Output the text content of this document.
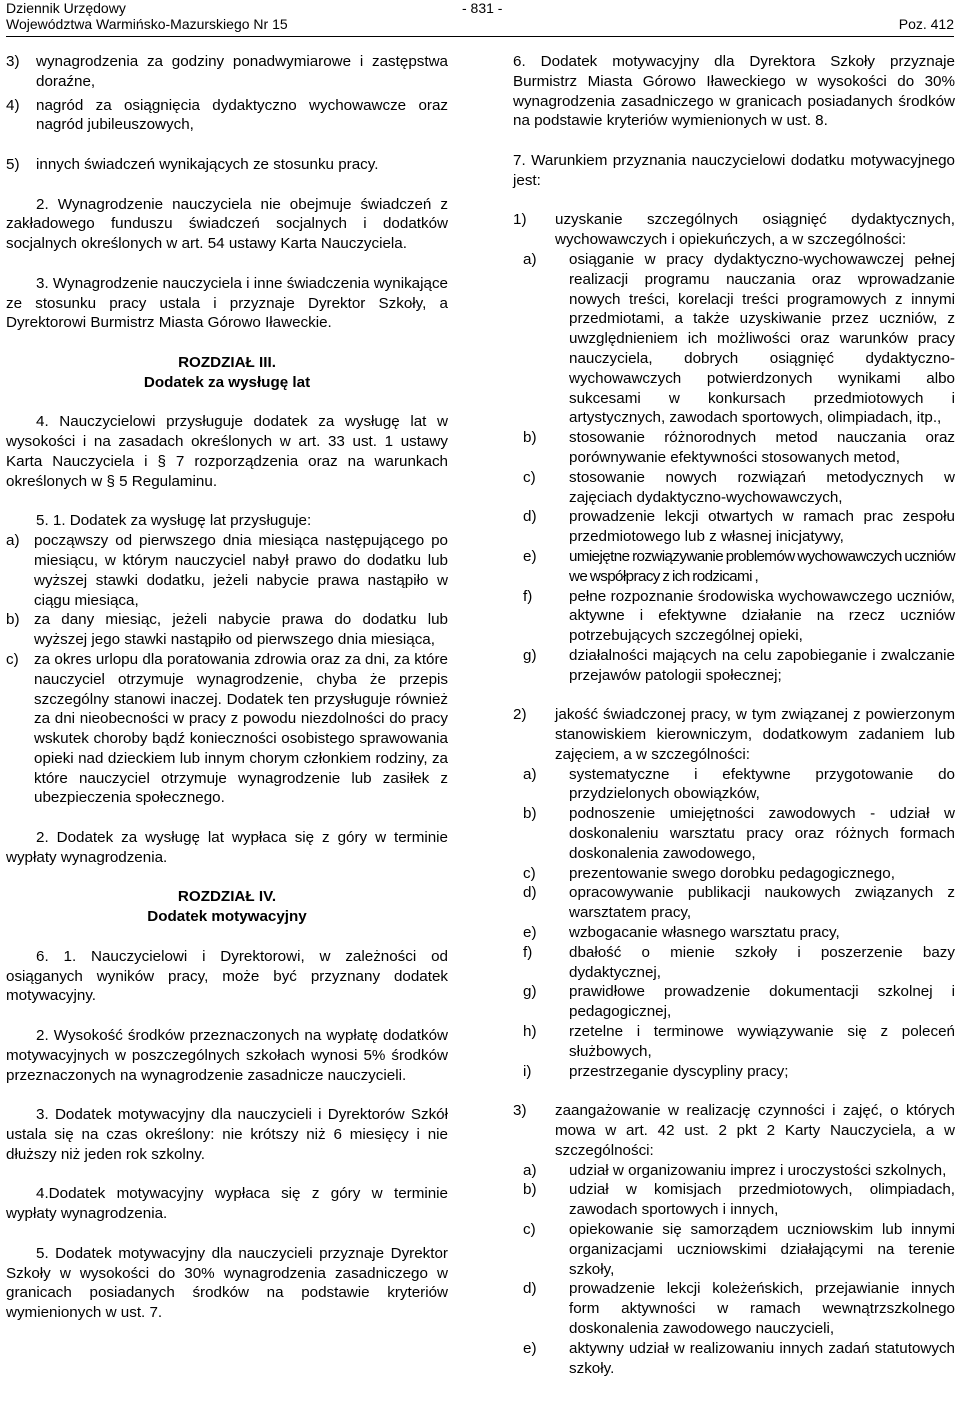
Dziennik Urzędowy
Województwa Warmińsko-Mazurskiego Nr 15
- 831 -
Poz. 412
3) wynagrodzenia za godziny ponadwymiarowe i zastępstwa doraźne,
4) nagród za osiągnięcia dydaktyczno wychowawcze oraz nagród jubileuszowych,
5) innych świadczeń wynikających ze stosunku pracy.

2. Wynagrodzenie nauczyciela nie obejmuje świadczeń z zakładowego funduszu świadczeń socjalnych i dodatków socjalnych określonych w art. 54 ustawy Karta Nauczyciela.

3. Wynagrodzenie nauczyciela i inne świadczenia wynikające ze stosunku pracy ustala i przyznaje Dyrektor Szkoły, a Dyrektorowi Burmistrz Miasta Górowo Iławeckie.

ROZDZIAŁ III.
Dodatek za wysługę lat

4. Nauczycielowi przysługuje dodatek za wysługę lat w wysokości i na zasadach określonych w art. 33 ust. 1 ustawy Karta Nauczyciela i § 7 rozporządzenia oraz na warunkach określonych w § 5 Regulaminu.

5. 1. Dodatek za wysługę lat przysługuje:

a) począwszy od pierwszego dnia miesiąca następującego po miesiącu, w którym nauczyciel nabył prawo do dodatku lub wyższej stawki dodatku, jeżeli nabycie prawa nastąpiło w ciągu miesiąca,
b) za dany miesiąc, jeżeli nabycie prawa do dodatku lub wyższej jego stawki nastąpiło od pierwszego dnia miesiąca,
c) za okres urlopu dla poratowania zdrowia oraz za dni, za które nauczyciel otrzymuje wynagrodzenie, chyba że przepis szczególny stanowi inaczej. Dodatek ten przysługuje również za dni nieobecności w pracy z powodu niezdolności do pracy wskutek choroby bądź konieczności osobistego sprawowania opieki nad dzieckiem lub innym chorym członkiem rodziny, za które nauczyciel otrzymuje wynagrodzenie lub zasiłek z ubezpieczenia społecznego.

2. Dodatek za wysługę lat wypłaca się z góry w terminie wypłaty wynagrodzenia.

ROZDZIAŁ IV.
Dodatek motywacyjny

6. 1. Nauczycielowi i Dyrektorowi, w zależności od osiąganych wyników pracy, może być przyznany dodatek motywacyjny.

2. Wysokość środków przeznaczonych na wypłatę dodatków motywacyjnych w poszczególnych szkołach wynosi 5% środków przeznaczonych na wynagrodzenie zasadnicze nauczycieli.

3. Dodatek motywacyjny dla nauczycieli i Dyrektorów Szkół ustala się na czas określony: nie krótszy niż 6 miesięcy i nie dłuższy niż jeden rok szkolny.

4.Dodatek motywacyjny wypłaca się z góry w terminie wypłaty wynagrodzenia.

5. Dodatek motywacyjny dla nauczycieli przyznaje Dyrektor Szkoły w wysokości do 30% wynagrodzenia zasadniczego w granicach posiadanych środków na podstawie kryteriów wymienionych w ust. 7.

6. Dodatek motywacyjny dla Dyrektora Szkoły przyznaje Burmistrz Miasta Górowo Iławeckiego w wysokości do 30% wynagrodzenia zasadniczego w granicach posiadanych środków na podstawie kryteriów wymienionych w ust. 8.

7. Warunkiem przyznania nauczycielowi dodatku motywacyjnego jest:

1) uzyskanie szczególnych osiągnięć dydaktycznych, wychowawczych i opiekuńczych, a w szczególności:
a) osiąganie w pracy dydaktyczno-wychowawczej pełnej realizacji programu nauczania oraz wprowadzanie nowych treści, korelacji treści programowych z innymi przedmiotami, a także uzyskiwanie przez uczniów, z uwzględnieniem ich możliwości oraz warunków pracy nauczyciela, dobrych osiągnięć dydaktyczno-wychowawczych potwierdzonych wynikami albo sukcesami w konkursach przedmiotowych i artystycznych, zawodach sportowych, olimpiadach, itp.,
b) stosowanie różnorodnych metod nauczania oraz porównywanie efektywności stosowanych metod,
c) stosowanie nowych rozwiązań metodycznych w zajęciach dydaktyczno-wychowawczych,
d) prowadzenie lekcji otwartych w ramach prac zespołu przedmiotowego lub z własnej inicjatywy,
e) umiejętne rozwiązywanie problemów wychowawczych uczniów we współpracy z ich rodzicami ,
f) pełne rozpoznanie środowiska wychowawczego uczniów, aktywne i efektywne działanie na rzecz uczniów potrzebujących szczególnej opieki,
g) działalności mających na celu zapobieganie i zwalczanie przejawów patologii społecznej;
2) jakość świadczonej pracy, w tym związanej z powierzonym stanowiskiem kierowniczym, dodatkowym zadaniem lub zajęciem, a w szczególności:
a) systematyczne i efektywne przygotowanie do przydzielonych obowiązków,
b) podnoszenie umiejętności zawodowych - udział w doskonaleniu warsztatu pracy oraz różnych formach doskonalenia zawodowego,
c) prezentowanie swego dorobku pedagogicznego,
d) opracowywanie publikacji naukowych związanych z warsztatem pracy,
e) wzbogacanie własnego warsztatu pracy,
f) dbałość o mienie szkoły i poszerzenie bazy dydaktycznej,
g) prawidłowe prowadzenie dokumentacji szkolnej i pedagogicznej,
h) rzetelne i terminowe wywiązywanie się z poleceń służbowych,
i) przestrzeganie dyscypliny pracy;
3) zaangażowanie w realizację czynności i zajęć, o których mowa w art. 42 ust. 2 pkt 2 Karty Nauczyciela, a w szczególności:
a) udział w organizowaniu imprez i uroczystości szkolnych,
b) udział w komisjach przedmiotowych, olimpiadach, zawodach sportowych i innych,
c) opiekowanie się samorządem uczniowskim lub innymi organizacjami uczniowskimi działającymi na terenie szkoły,
d) prowadzenie lekcji koleżeńskich, przejawianie innych form aktywności w ramach wewnątrzszkolnego doskonalenia zawodowego nauczycieli,
e) aktywny udział w realizowaniu innych zadań statutowych szkoły.
